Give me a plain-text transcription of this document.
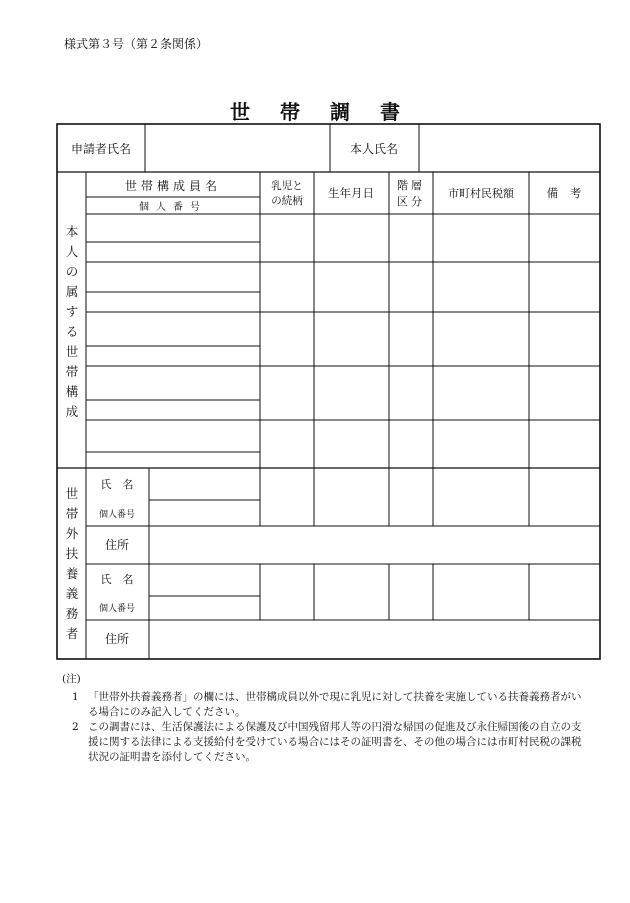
様式第３号（第２条関係）
世帯調書
申請者氏名	本人氏名
世帯構成員名
個人番号
乳児と
の続柄
生年月日
階層
区分
市町村民税額	備　考
本人の属する世帯構成
世帯外扶養義務者
氏　名
個人番号
住所
氏　名
個人番号
住所
(注)
1 「世帯外扶養義務者」の欄には、世帯構成員以外で現に乳児に対して扶養を実施している扶養義務者がいる場合にのみ記入してください。
2 この調書には、生活保護法による保護及び中国残留邦人等の円滑な帰国の促進及び永住帰国後の自立の支援に関する法律による支援給付を受けている場合にはその証明書を、その他の場合には市町村民税の課税状況の証明書を添付してください。
